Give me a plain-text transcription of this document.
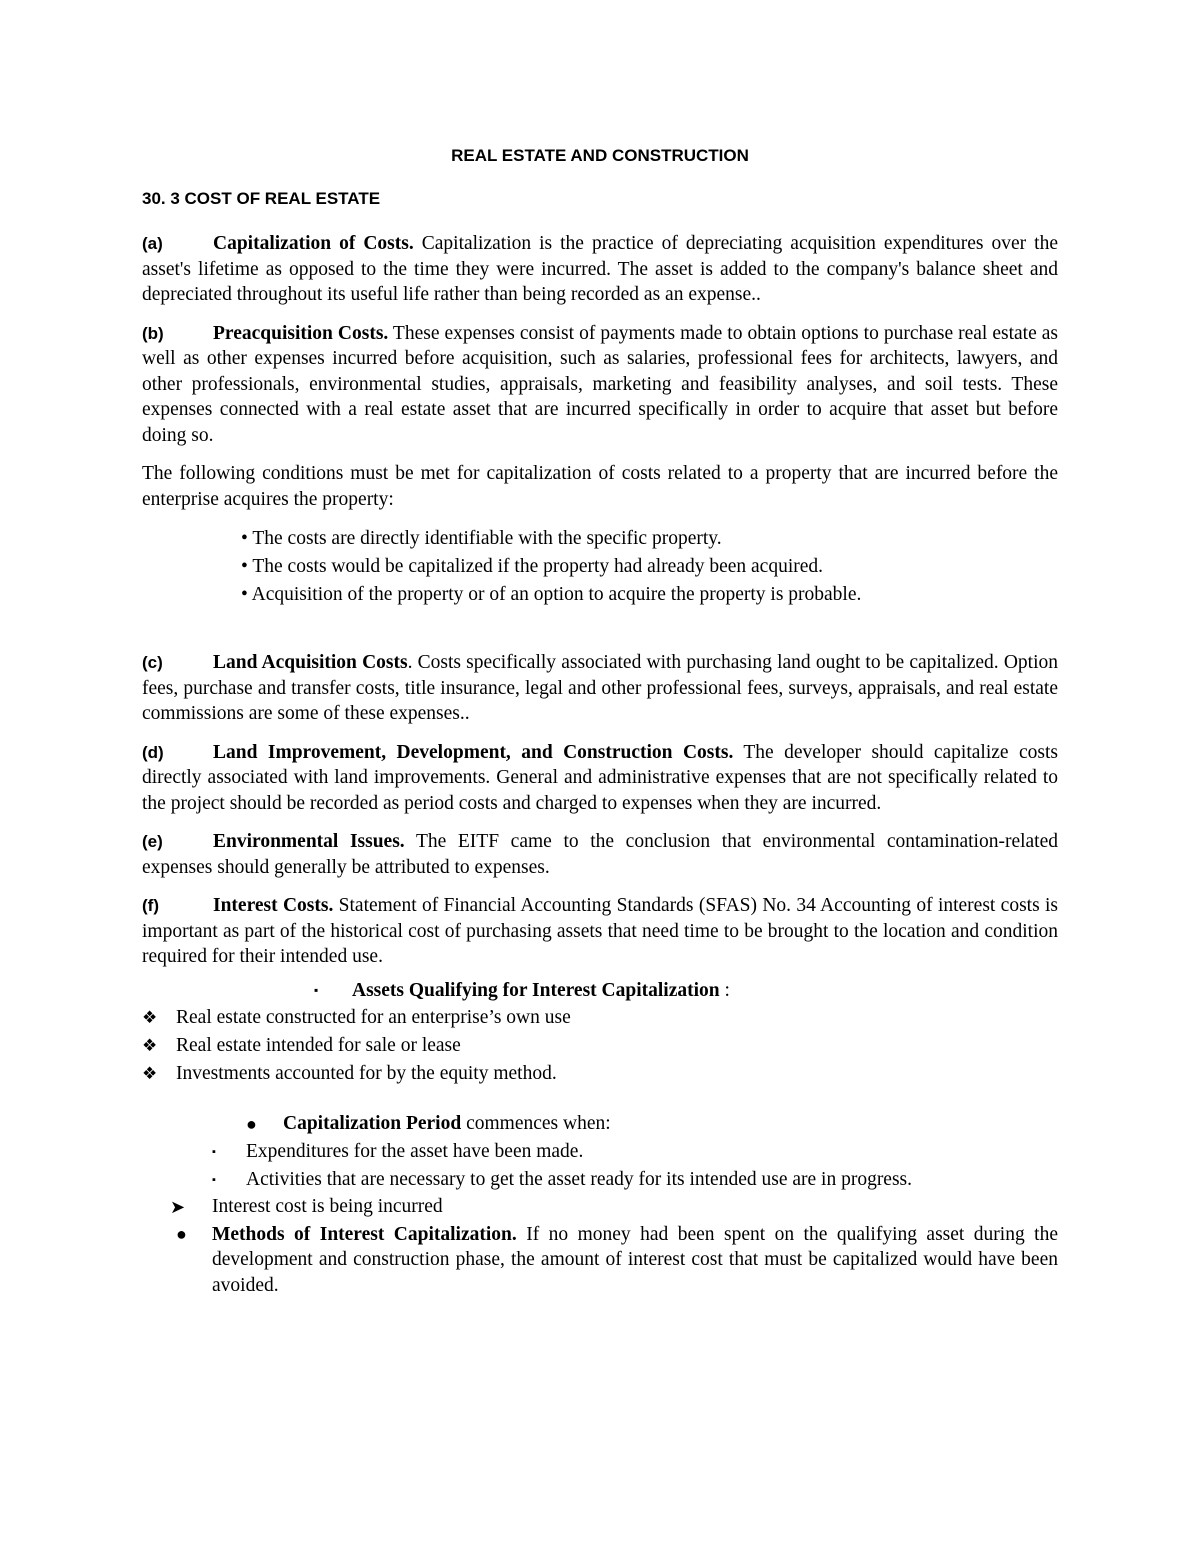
REAL ESTATE AND CONSTRUCTION

30. 3 COST OF REAL ESTATE

(a)	Capitalization of Costs. Capitalization is the practice of depreciating acquisition expenditures over the asset's lifetime as opposed to the time they were incurred. The asset is added to the company's balance sheet and depreciated throughout its useful life rather than being recorded as an expense..

(b)	Preacquisition Costs. These expenses consist of payments made to obtain options to purchase real estate as well as other expenses incurred before acquisition, such as salaries, professional fees for architects, lawyers, and other professionals, environmental studies, appraisals, marketing and feasibility analyses, and soil tests. These expenses connected with a real estate asset that are incurred specifically in order to acquire that asset but before doing so.

The following conditions must be met for capitalization of costs related to a property that are incurred before the enterprise acquires the property:

• The costs are directly identifiable with the specific property.
• The costs would be capitalized if the property had already been acquired.
• Acquisition of the property or of an option to acquire the property is probable.

(c)	Land Acquisition Costs. Costs specifically associated with purchasing land ought to be capitalized. Option fees, purchase and transfer costs, title insurance, legal and other professional fees, surveys, appraisals, and real estate commissions are some of these expenses..

(d)	Land Improvement, Development, and Construction Costs. The developer should capitalize costs directly associated with land improvements. General and administrative expenses that are not specifically related to the project should be recorded as period costs and charged to expenses when they are incurred.

(e)	Environmental Issues. The EITF came to the conclusion that environmental contamination-related expenses should generally be attributed to expenses.

(f)	Interest Costs. Statement of Financial Accounting Standards (SFAS) No. 34 Accounting of interest costs is important as part of the historical cost of purchasing assets that need time to be brought to the location and condition required for their intended use.

▪ Assets Qualifying for Interest Capitalization :

❖ Real estate constructed for an enterprise’s own use
❖ Real estate intended for sale or lease
❖ Investments accounted for by the equity method.

● Capitalization Period commences when:

▪ Expenditures for the asset have been made.
▪ Activities that are necessary to get the asset ready for its intended use are in progress.
➤ Interest cost is being incurred

● Methods of Interest Capitalization. If no money had been spent on the qualifying asset during the development and construction phase, the amount of interest cost that must be capitalized would have been avoided.
